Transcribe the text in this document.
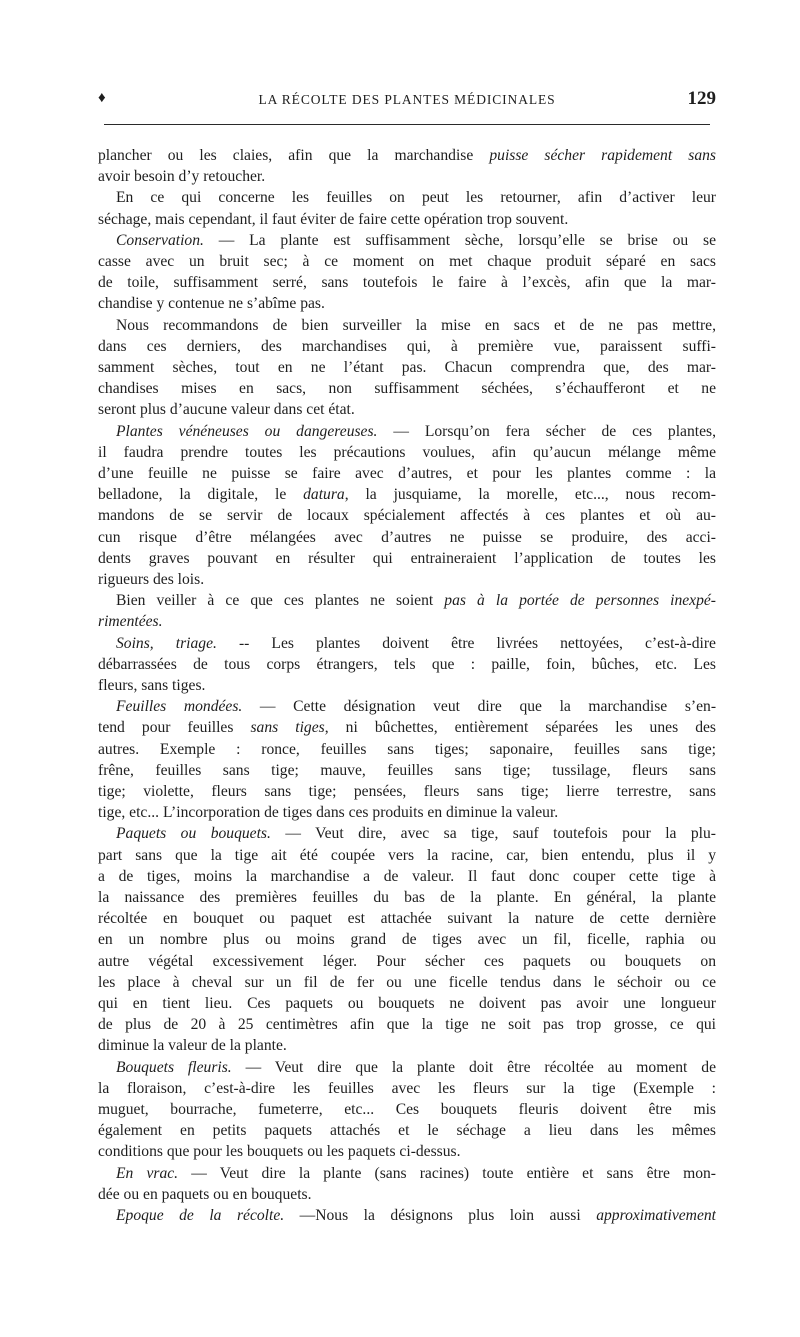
♦	LA RÉCOLTE DES PLANTES MÉDICINALES	129
plancher ou les claies, afin que la marchandise puisse sécher rapidement sans
avoir besoin d’y retoucher.
En ce qui concerne les feuilles on peut les retourner, afin d’activer leur
séchage, mais cependant, il faut éviter de faire cette opération trop souvent.
Conservation. — La plante est suffisamment sèche, lorsqu’elle se brise ou se
casse avec un bruit sec; à ce moment on met chaque produit séparé en sacs
de toile, suffisamment serré, sans toutefois le faire à l’excès, afin que la mar-
chandise y contenue ne s’abîme pas.
Nous recommandons de bien surveiller la mise en sacs et de ne pas mettre,
dans ces derniers, des marchandises qui, à première vue, paraissent suffi-
samment sèches, tout en ne l’étant pas. Chacun comprendra que, des mar-
chandises mises en sacs, non suffisamment séchées, s’échaufferont et ne
seront plus d’aucune valeur dans cet état.
Plantes vénéneuses ou dangereuses. — Lorsqu’on fera sécher de ces plantes,
il faudra prendre toutes les précautions voulues, afin qu’aucun mélange même
d’une feuille ne puisse se faire avec d’autres, et pour les plantes comme : la
belladone, la digitale, le datura, la jusquiame, la morelle, etc..., nous recom-
mandons de se servir de locaux spécialement affectés à ces plantes et où au-
cun risque d’être mélangées avec d’autres ne puisse se produire, des acci-
dents graves pouvant en résulter qui entraineraient l’application de toutes les
rigueurs des lois.
Bien veiller à ce que ces plantes ne soient pas à la portée de personnes inexpé-
rimentées.
Soins, triage. -- Les plantes doivent être livrées nettoyées, c’est-à-dire
débarrassées de tous corps étrangers, tels que : paille, foin, bûches, etc. Les
fleurs, sans tiges.
Feuilles mondées. — Cette désignation veut dire que la marchandise s’en-
tend pour feuilles sans tiges, ni bûchettes, entièrement séparées les unes des
autres. Exemple : ronce, feuilles sans tiges; saponaire, feuilles sans tige;
frêne, feuilles sans tige; mauve, feuilles sans tige; tussilage, fleurs sans
tige; violette, fleurs sans tige; pensées, fleurs sans tige; lierre terrestre, sans
tige, etc... L’incorporation de tiges dans ces produits en diminue la valeur.
Paquets ou bouquets. — Veut dire, avec sa tige, sauf toutefois pour la plu-
part sans que la tige ait été coupée vers la racine, car, bien entendu, plus il y
a de tiges, moins la marchandise a de valeur. Il faut donc couper cette tige à
la naissance des premières feuilles du bas de la plante. En général, la plante
récoltée en bouquet ou paquet est attachée suivant la nature de cette dernière
en un nombre plus ou moins grand de tiges avec un fil, ficelle, raphia ou
autre végétal excessivement léger. Pour sécher ces paquets ou bouquets on
les place à cheval sur un fil de fer ou une ficelle tendus dans le séchoir ou ce
qui en tient lieu. Ces paquets ou bouquets ne doivent pas avoir une longueur
de plus de 20 à 25 centimètres afin que la tige ne soit pas trop grosse, ce qui
diminue la valeur de la plante.
Bouquets fleuris. — Veut dire que la plante doit être récoltée au moment de
la floraison, c’est-à-dire les feuilles avec les fleurs sur la tige (Exemple :
muguet, bourrache, fumeterre, etc... Ces bouquets fleuris doivent être mis
également en petits paquets attachés et le séchage a lieu dans les mêmes
conditions que pour les bouquets ou les paquets ci-dessus.
En vrac. — Veut dire la plante (sans racines) toute entière et sans être mon-
dée ou en paquets ou en bouquets.
Epoque de la récolte. —Nous la désignons plus loin aussi approximativement
